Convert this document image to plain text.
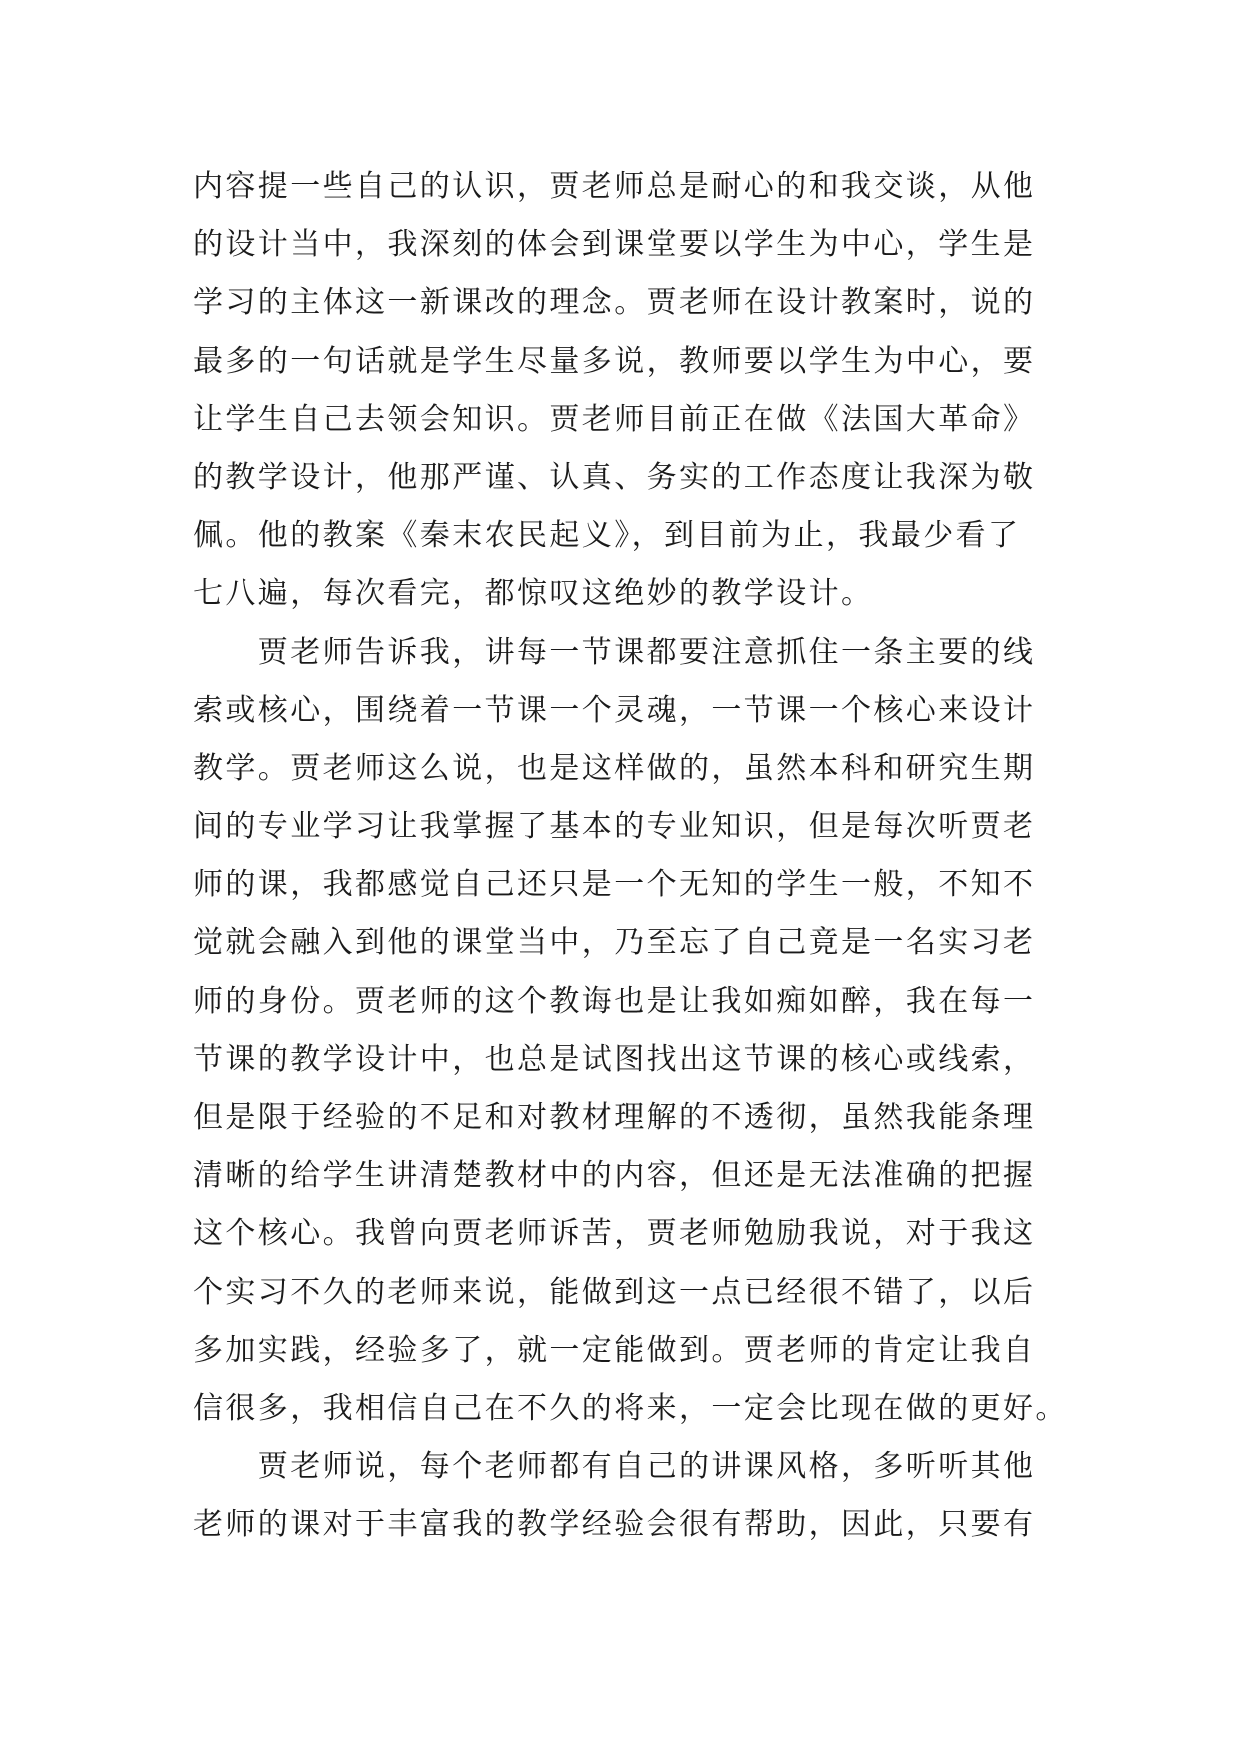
内容提一些自己的认识，贾老师总是耐心的和我交谈，从他
的设计当中，我深刻的体会到课堂要以学生为中心，学生是
学习的主体这一新课改的理念。贾老师在设计教案时，说的
最多的一句话就是学生尽量多说，教师要以学生为中心，要
让学生自己去领会知识。贾老师目前正在做《法国大革命》
的教学设计，他那严谨、认真、务实的工作态度让我深为敬
佩。他的教案《秦末农民起义》，到目前为止，我最少看了
七八遍，每次看完，都惊叹这绝妙的教学设计。
　　贾老师告诉我，讲每一节课都要注意抓住一条主要的线
索或核心，围绕着一节课一个灵魂，一节课一个核心来设计
教学。贾老师这么说，也是这样做的，虽然本科和研究生期
间的专业学习让我掌握了基本的专业知识，但是每次听贾老
师的课，我都感觉自己还只是一个无知的学生一般，不知不
觉就会融入到他的课堂当中，乃至忘了自己竟是一名实习老
师的身份。贾老师的这个教诲也是让我如痴如醉，我在每一
节课的教学设计中，也总是试图找出这节课的核心或线索，
但是限于经验的不足和对教材理解的不透彻，虽然我能条理
清晰的给学生讲清楚教材中的内容，但还是无法准确的把握
这个核心。我曾向贾老师诉苦，贾老师勉励我说，对于我这
个实习不久的老师来说，能做到这一点已经很不错了，以后
多加实践，经验多了，就一定能做到。贾老师的肯定让我自
信很多，我相信自己在不久的将来，一定会比现在做的更好。
　　贾老师说，每个老师都有自己的讲课风格，多听听其他
老师的课对于丰富我的教学经验会很有帮助，因此，只要有
